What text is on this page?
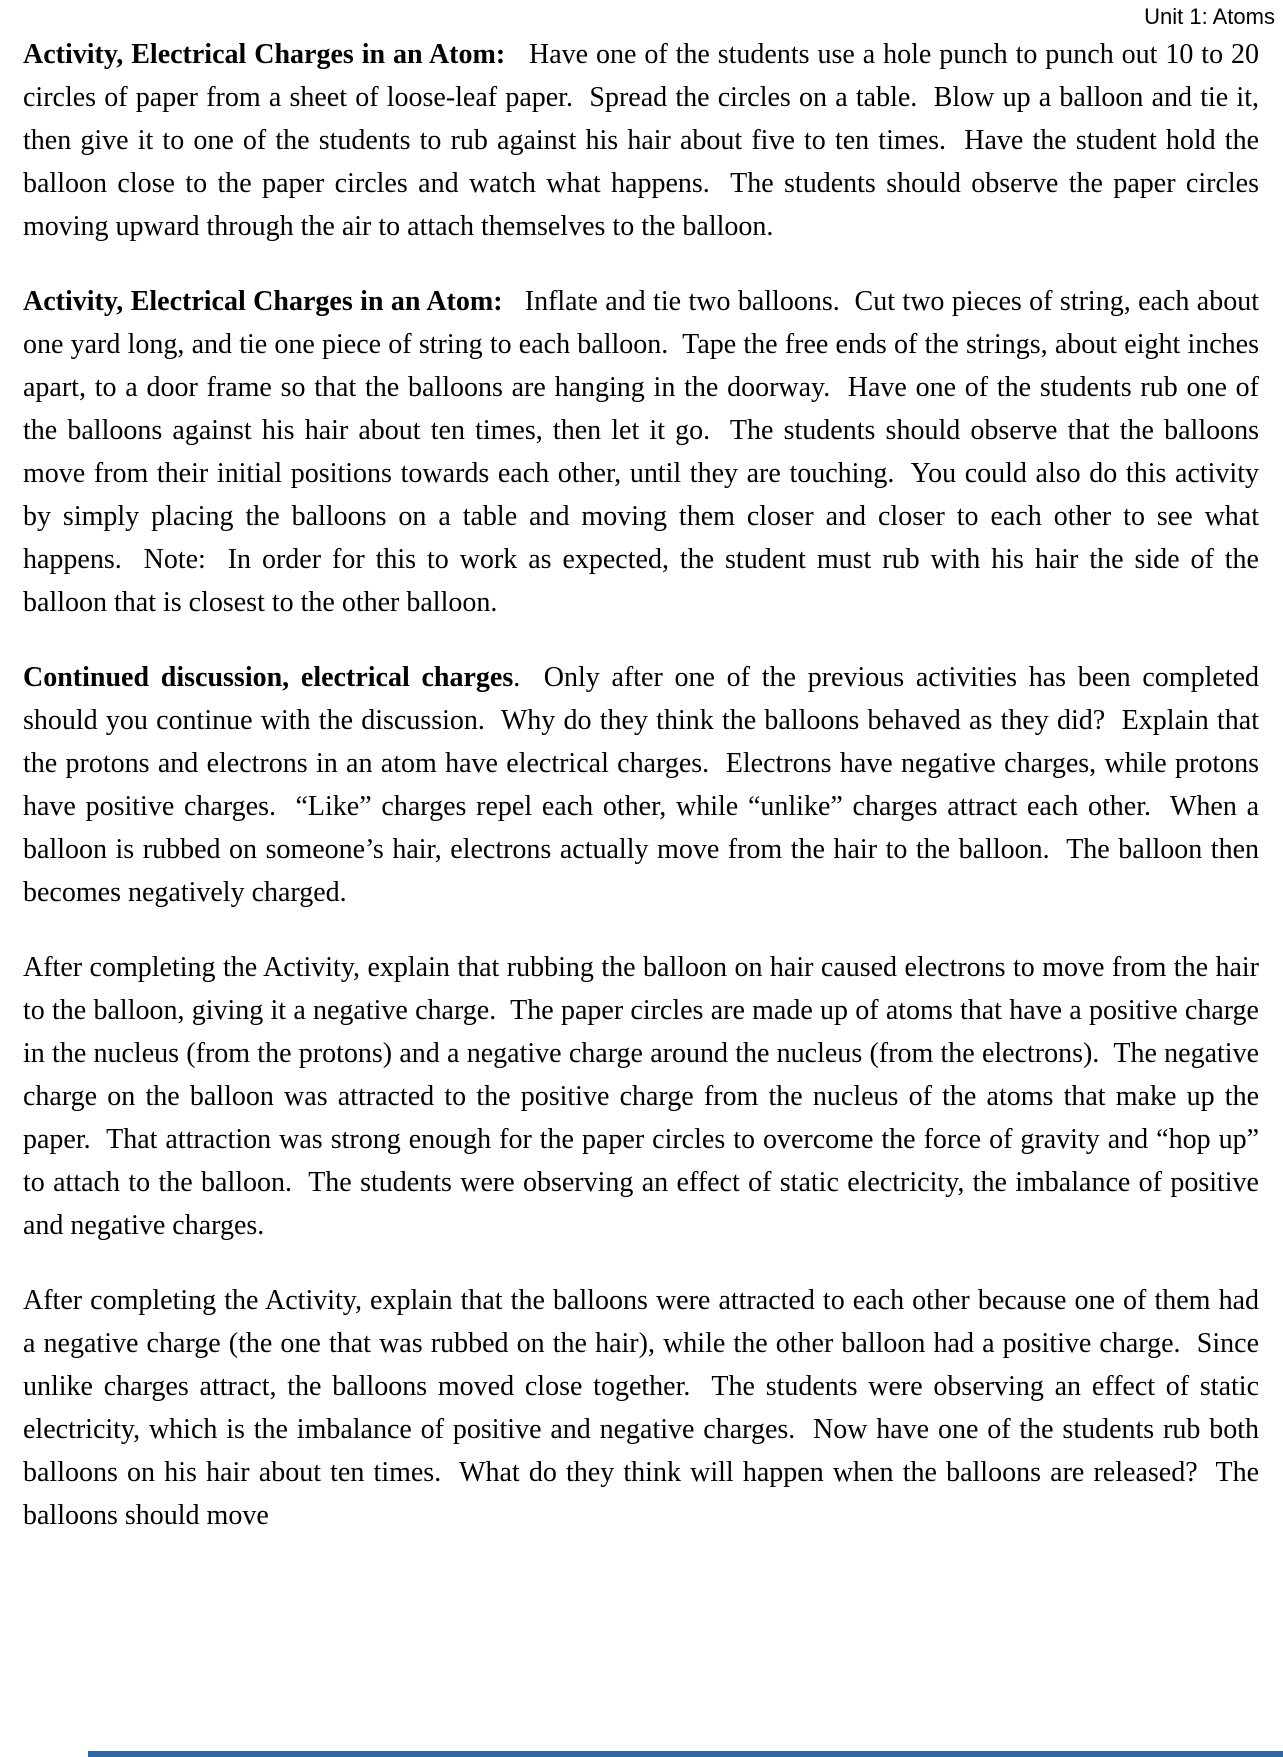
Unit 1: Atoms

Activity, Electrical Charges in an Atom: Have one of the students use a hole punch to punch out 10 to 20 circles of paper from a sheet of loose-leaf paper.  Spread the circles on a table.  Blow up a balloon and tie it, then give it to one of the students to rub against his hair about five to ten times.  Have the student hold the balloon close to the paper circles and watch what happens.  The students should observe the paper circles moving upward through the air to attach themselves to the balloon.

Activity, Electrical Charges in an Atom: Inflate and tie two balloons.  Cut two pieces of string, each about one yard long, and tie one piece of string to each balloon.  Tape the free ends of the strings, about eight inches apart, to a door frame so that the balloons are hanging in the doorway.  Have one of the students rub one of the balloons against his hair about ten times, then let it go.  The students should observe that the balloons move from their initial positions towards each other, until they are touching.  You could also do this activity by simply placing the balloons on a table and moving them closer and closer to each other to see what happens.  Note:  In order for this to work as expected, the student must rub with his hair the side of the balloon that is closest to the other balloon.

Continued discussion, electrical charges.  Only after one of the previous activities has been completed should you continue with the discussion.  Why do they think the balloons behaved as they did?  Explain that the protons and electrons in an atom have electrical charges.  Electrons have negative charges, while protons have positive charges.  “Like” charges repel each other, while “unlike” charges attract each other.  When a balloon is rubbed on someone’s hair, electrons actually move from the hair to the balloon.  The balloon then becomes negatively charged.

After completing the Activity, explain that rubbing the balloon on hair caused electrons to move from the hair to the balloon, giving it a negative charge.  The paper circles are made up of atoms that have a positive charge in the nucleus (from the protons) and a negative charge around the nucleus (from the electrons).  The negative charge on the balloon was attracted to the positive charge from the nucleus of the atoms that make up the paper.  That attraction was strong enough for the paper circles to overcome the force of gravity and “hop up” to attach to the balloon.  The students were observing an effect of static electricity, the imbalance of positive and negative charges.

After completing the Activity, explain that the balloons were attracted to each other because one of them had a negative charge (the one that was rubbed on the hair), while the other balloon had a positive charge.  Since unlike charges attract, the balloons moved close together.  The students were observing an effect of static electricity, which is the imbalance of positive and negative charges.  Now have one of the students rub both balloons on his hair about ten times.  What do they think will happen when the balloons are released?  The balloons should move
